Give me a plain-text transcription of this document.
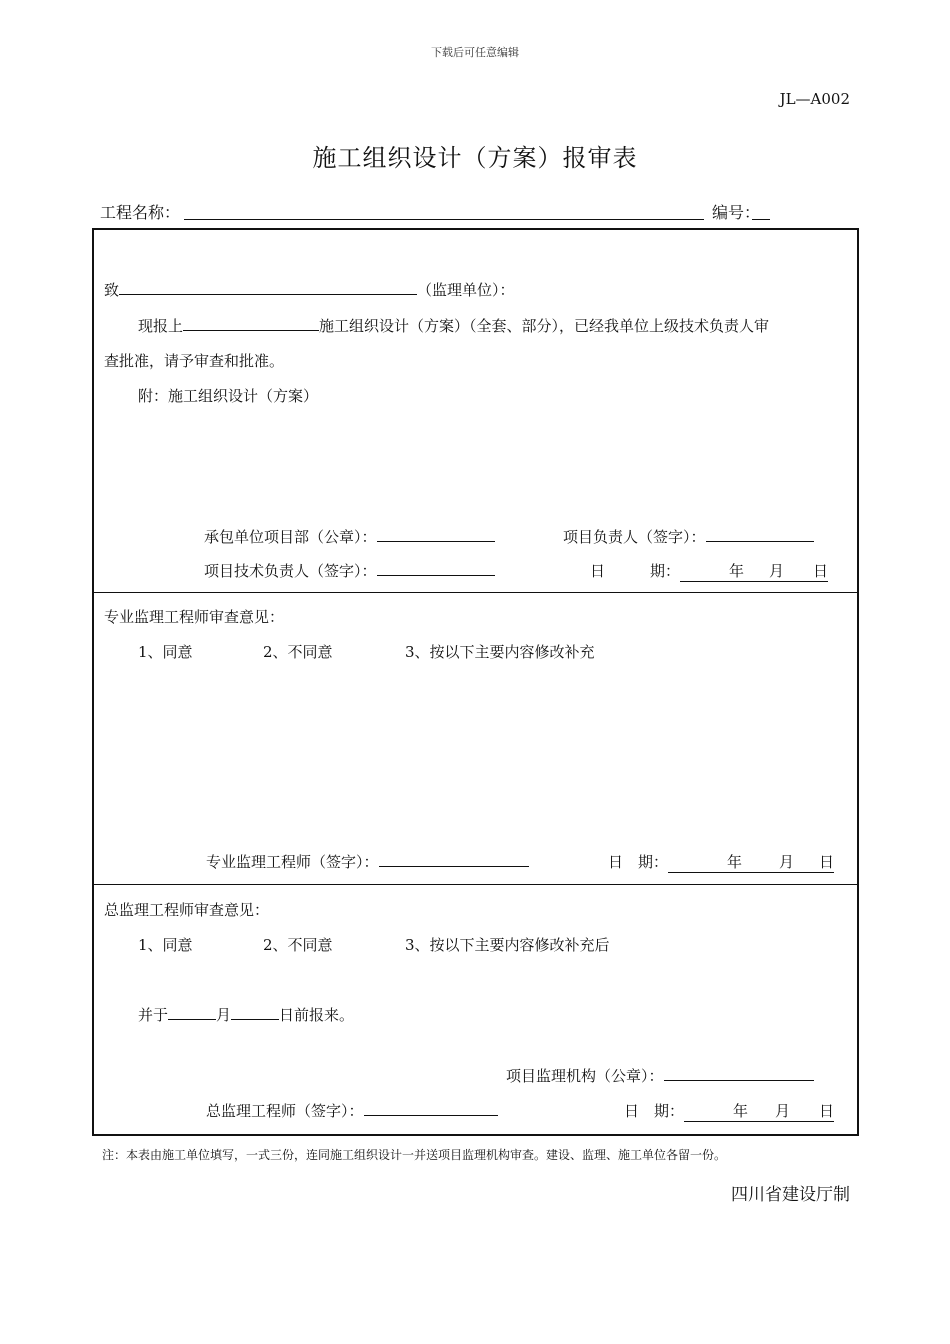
下载后可任意编辑
JL—A002
施工组织设计（方案）报审表
工程名称：	编号：
致	（监理单位）：
现报上	施工组织设计（方案）（全套、部分），已经我单位上级技术负责人审
查批准，请予审查和批准。
附：施工组织设计（方案）
承包单位项目部（公章）：	项目负责人（签字）：
项目技术负责人（签字）：	日　　　期：	年 月 日
专业监理工程师审查意见：
1、同意	2、不同意	3、按以下主要内容修改补充
专业监理工程师（签字）：	日　期：	年 月 日
总监理工程师审查意见：
1、同意	2、不同意	3、按以下主要内容修改补充后
并于	月	日前报来。
项目监理机构（公章）：
总监理工程师（签字）：	日　期：	年 月 日
注：本表由施工单位填写，一式三份，连同施工组织设计一并送项目监理机构审查。建设、监理、施工单位各留一份。
四川省建设厅制
